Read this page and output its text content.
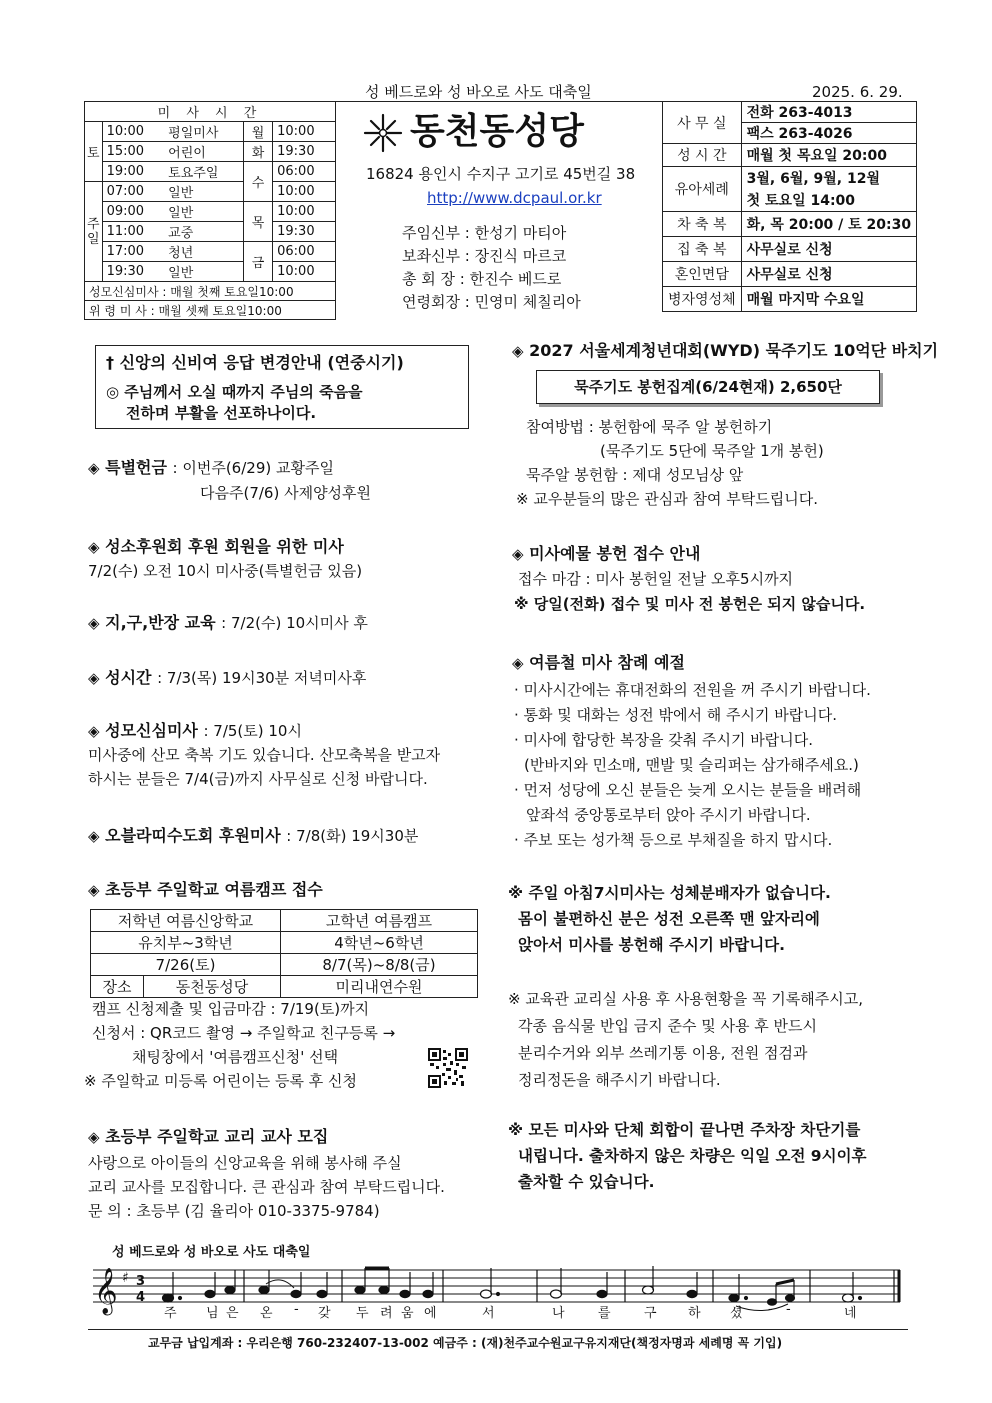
성 베드로와 성 바오로 사도 대축일	2025. 6. 29.
미 사 시 간				
토	10:00	평일미사	월	10:00
	15:00	어린이	화	19:30
	19:00	토요주일	수	06:00
주일	07:00	일반		10:00
	09:00	일반	목	10:00
	11:00	교중		19:30
	17:00	청년	금	06:00
	19:30	일반		10:00
성모신심미사 : 매월 첫째 토요일10:00				
위 령 미 사 : 매월 셋째 토요일10:00				
동천동성당
16824 용인시 수지구 고기로 45번길 38
http://www.dcpaul.or.kr
주임신부 : 한성기 마티아
보좌신부 : 장진식 마르코
총 회 장 : 한진수 베드로
연령회장 : 민영미 체칠리아
사 무 실	전화 263-4013
	팩스 263-4026
성 시 간	매월 첫 목요일 20:00
유아세례	3월, 6월, 9월, 12월
	첫 토요일 14:00
차 축 복	화, 목 20:00 / 토 20:30
집 축 복	사무실로 신청
혼인면담	사무실로 신청
병자영성체	매월 마지막 수요일
† 신앙의 신비여 응답 변경안내 (연중시기)
◎ 주님께서 오실 때까지 주님의 죽음을
전하며 부활을 선포하나이다.
◈ 특별헌금 : 이번주(6/29) 교황주일
다음주(7/6) 사제양성후원
◈ 성소후원회 후원 회원을 위한 미사
7/2(수) 오전 10시 미사중(특별헌금 있음)
◈ 지,구,반장 교육 : 7/2(수) 10시미사 후
◈ 성시간 : 7/3(목) 19시30분 저녁미사후
◈ 성모신심미사 : 7/5(토) 10시
미사중에 산모 축복 기도 있습니다. 산모축복을 받고자
하시는 분들은 7/4(금)까지 사무실로 신청 바랍니다.
◈ 오블라띠수도회 후원미사 : 7/8(화) 19시30분
◈ 초등부 주일학교 여름캠프 접수
저학년 여름신앙학교		고학년 여름캠프
유치부~3학년		4학년~6학년
7/26(토)		8/7(목)~8/8(금)
장소	동천동성당	미리내연수원
캠프 신청제출 및 입금마감 : 7/19(토)까지
신청서 : QR코드 촬영 → 주일학교 친구등록 →
채팅창에서 '여름캠프신청' 선택
※ 주일학교 미등록 어린이는 등록 후 신청
◈ 초등부 주일학교 교리 교사 모집
사랑으로 아이들의 신앙교육을 위해 봉사해 주실
교리 교사를 모집합니다. 큰 관심과 참여 부탁드립니다.
문 의 : 초등부 (김 율리아 010-3375-9784)
◈ 2027 서울세계청년대회(WYD) 묵주기도 10억단 바치기
묵주기도 봉헌집계(6/24현재) 2,650단
참여방법 : 봉헌함에 묵주 알 봉헌하기
(묵주기도 5단에 묵주알 1개 봉헌)
묵주알 봉헌함 : 제대 성모님상 앞
※ 교우분들의 많은 관심과 참여 부탁드립니다.
◈ 미사예물 봉헌 접수 안내
접수 마감 : 미사 봉헌일 전날 오후5시까지
※ 당일(전화) 접수 및 미사 전 봉헌은 되지 않습니다.
◈ 여름철 미사 참례 예절
· 미사시간에는 휴대전화의 전원을 꺼 주시기 바랍니다.
· 통화 및 대화는 성전 밖에서 해 주시기 바랍니다.
· 미사에 합당한 복장을 갖춰 주시기 바랍니다.
(반바지와 민소매, 맨발 및 슬리퍼는 삼가해주세요.)
· 먼저 성당에 오신 분들은 늦게 오시는 분들을 배려해
앞좌석 중앙통로부터 앉아 주시기 바랍니다.
· 주보 또는 성가책 등으로 부채질을 하지 맙시다.
※ 주일 아침7시미사는 성체분배자가 없습니다.
몸이 불편하신 분은 성전 오른쪽 맨 앞자리에
앉아서 미사를 봉헌해 주시기 바랍니다.
※ 교육관 교리실 사용 후 사용현황을 꼭 기록해주시고,
각종 음식물 반입 금지 준수 및 사용 후 반드시
분리수거와 외부 쓰레기통 이용, 전원 점검과
정리정돈을 해주시기 바랍니다.
※ 모든 미사와 단체 회합이 끝나면 주차장 차단기를
내립니다. 출차하지 않은 차량은 익일 오전 9시이후
출차할 수 있습니다.
성 베드로와 성 바오로 사도 대축일
𝄞 ♯ 3
4
주 님 은 온 - 갖 두 려 움 에	서	나	를	구 하 셨 - -	네
교무금 납입계좌 : 우리은행 760-232407-13-002 예금주 : (재)천주교수원교구유지재단(책정자명과 세례명 꼭 기입)
